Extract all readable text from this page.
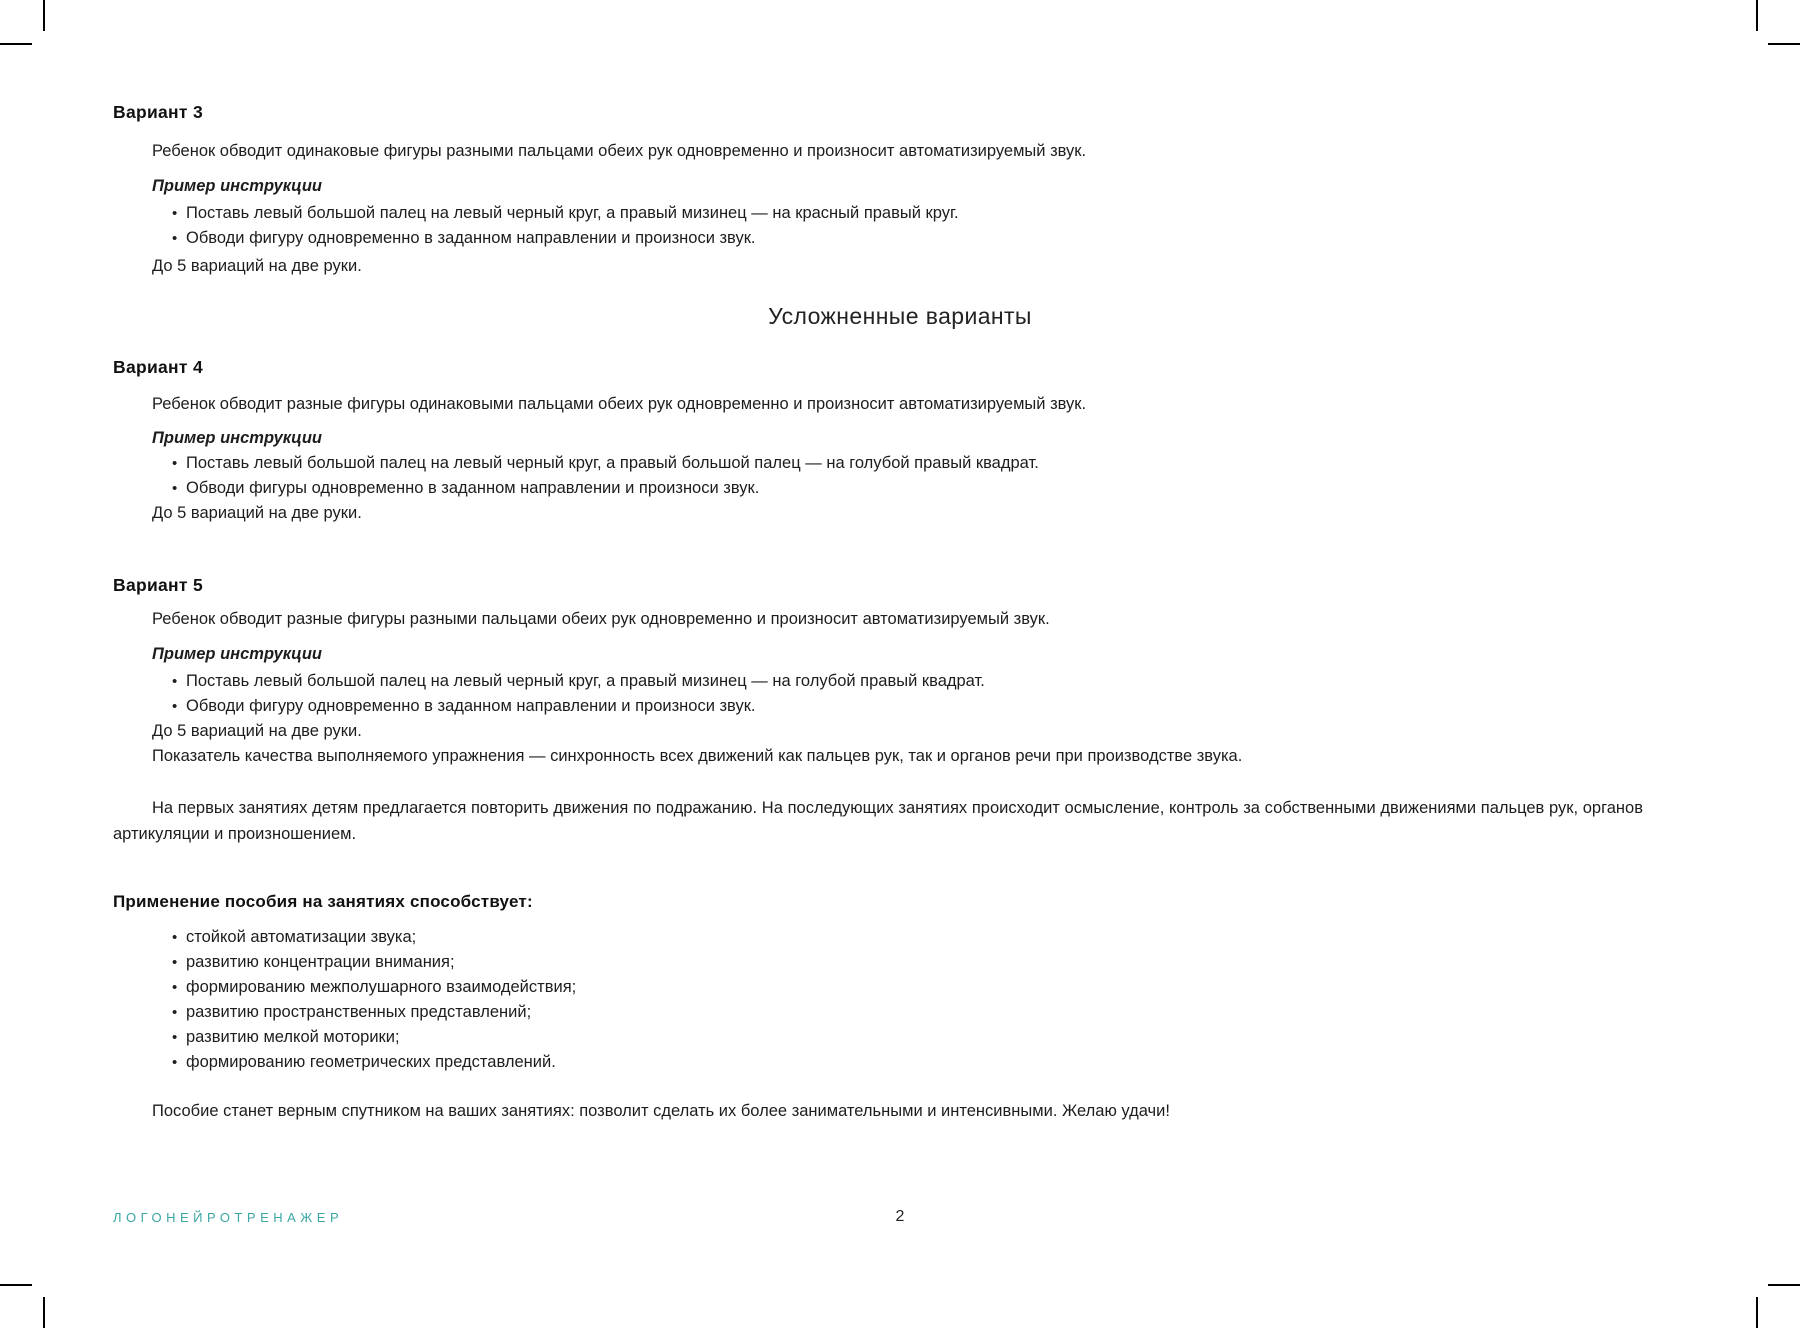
Вариант 3
Ребенок обводит одинаковые фигуры разными пальцами обеих рук одновременно и произносит автоматизируемый звук.
Пример инструкции
• Поставь левый большой палец на левый черный круг, а правый мизинец — на красный правый круг.
• Обводи фигуру одновременно в заданном направлении и произноси звук.
До 5 вариаций на две руки.
Усложненные варианты
Вариант 4
Ребенок обводит разные фигуры одинаковыми пальцами обеих рук одновременно и произносит автоматизируемый звук.
Пример инструкции
• Поставь левый большой палец на левый черный круг, а правый большой палец — на голубой правый квадрат.
• Обводи фигуры одновременно в заданном направлении и произноси звук.
До 5 вариаций на две руки.
Вариант 5
Ребенок обводит разные фигуры разными пальцами обеих рук одновременно и произносит автоматизируемый звук.
Пример инструкции
• Поставь левый большой палец на левый черный круг, а правый мизинец — на голубой правый квадрат.
• Обводи фигуру одновременно в заданном направлении и произноси звук.
До 5 вариаций на две руки.
Показатель качества выполняемого упражнения — синхронность всех движений как пальцев рук, так и органов речи при производстве звука.
На первых занятиях детям предлагается повторить движения по подражанию. На последующих занятиях происходит осмысление, контроль за собственными движениями пальцев рук, органов артикуляции и произношением.
Применение пособия на занятиях способствует:
• стойкой автоматизации звука;
• развитию концентрации внимания;
• формированию межполушарного взаимодействия;
• развитию пространственных представлений;
• развитию мелкой моторики;
• формированию геометрических представлений.
Пособие станет верным спутником на ваших занятиях: позволит сделать их более занимательными и интенсивными. Желаю удачи!
ЛОГОНЕЙРОТРЕНАЖЕР	2
